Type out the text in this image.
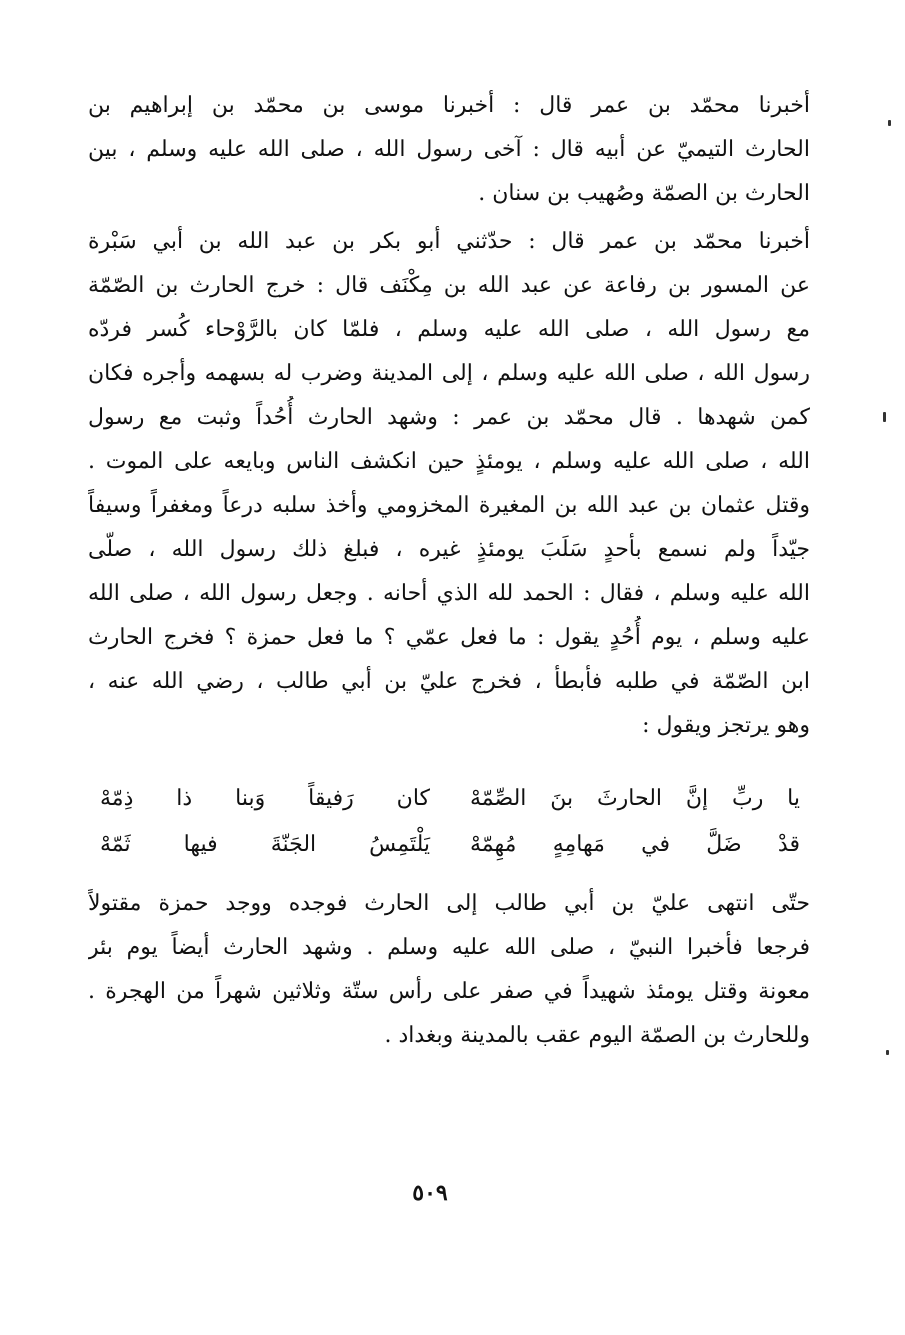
أخبرنا محمّد بن عمر قال : أخبرنا موسى بن محمّد بن إبراهيم بن
الحارث التيميّ عن أبيه قال : آخى رسول الله ، صلى الله عليه وسلم ، بين
الحارث بن الصمّة وصُهيب بن سنان .
أخبرنا محمّد بن عمر قال : حدّثني أبو بكر بن عبد الله بن أبي سَبْرة
عن المسور بن رفاعة عن عبد الله بن مِكْنَف قال : خرج الحارث بن الصّمّة
مع رسول الله ، صلى الله عليه وسلم ، فلمّا كان بالرَّوْحاء كُسر فردّه
رسول الله ، صلى الله عليه وسلم ، إلى المدينة وضرب له بسهمه وأجره فكان
كمن شهدها . قال محمّد بن عمر : وشهد الحارث أُحُداً وثبت مع رسول
الله ، صلى الله عليه وسلم ، يومئذٍ حين انكشف الناس وبايعه على الموت .
وقتل عثمان بن عبد الله بن المغيرة المخزومي وأخذ سلبه درعاً ومغفراً وسيفاً
جيّداً ولم نسمع بأحدٍ سَلَبَ يومئذٍ غيره ، فبلغ ذلك رسول الله ، صلّى
الله عليه وسلم ، فقال : الحمد لله الذي أحانه . وجعل رسول الله ، صلى الله
عليه وسلم ، يوم أُحُدٍ يقول : ما فعل عمّي ؟ ما فعل حمزة ؟ فخرج الحارث
ابن الصّمّة في طلبه فأبطأ ، فخرج عليّ بن أبي طالب ، رضي الله عنه ،
وهو يرتجز ويقول :
يا ربِّ إنَّ الحارثَ بنَ الصِّمّهْ
كان رَفيقاً وَبنا ذا ذِمّهْ
قدْ ضَلَّ في مَهامِهٍ مُهِمّهْ
يَلْتَمِسُ الجَنّةَ فيها ثَمّهْ
حتّى انتهى عليّ بن أبي طالب إلى الحارث فوجده ووجد حمزة مقتولاً
فرجعا فأخبرا النبيّ ، صلى الله عليه وسلم . وشهد الحارث أيضاً يوم بئر
معونة وقتل يومئذ شهيداً في صفر على رأس ستّة وثلاثين شهراً من الهجرة .
وللحارث بن الصمّة اليوم عقب بالمدينة وبغداد .
٥٠٩
